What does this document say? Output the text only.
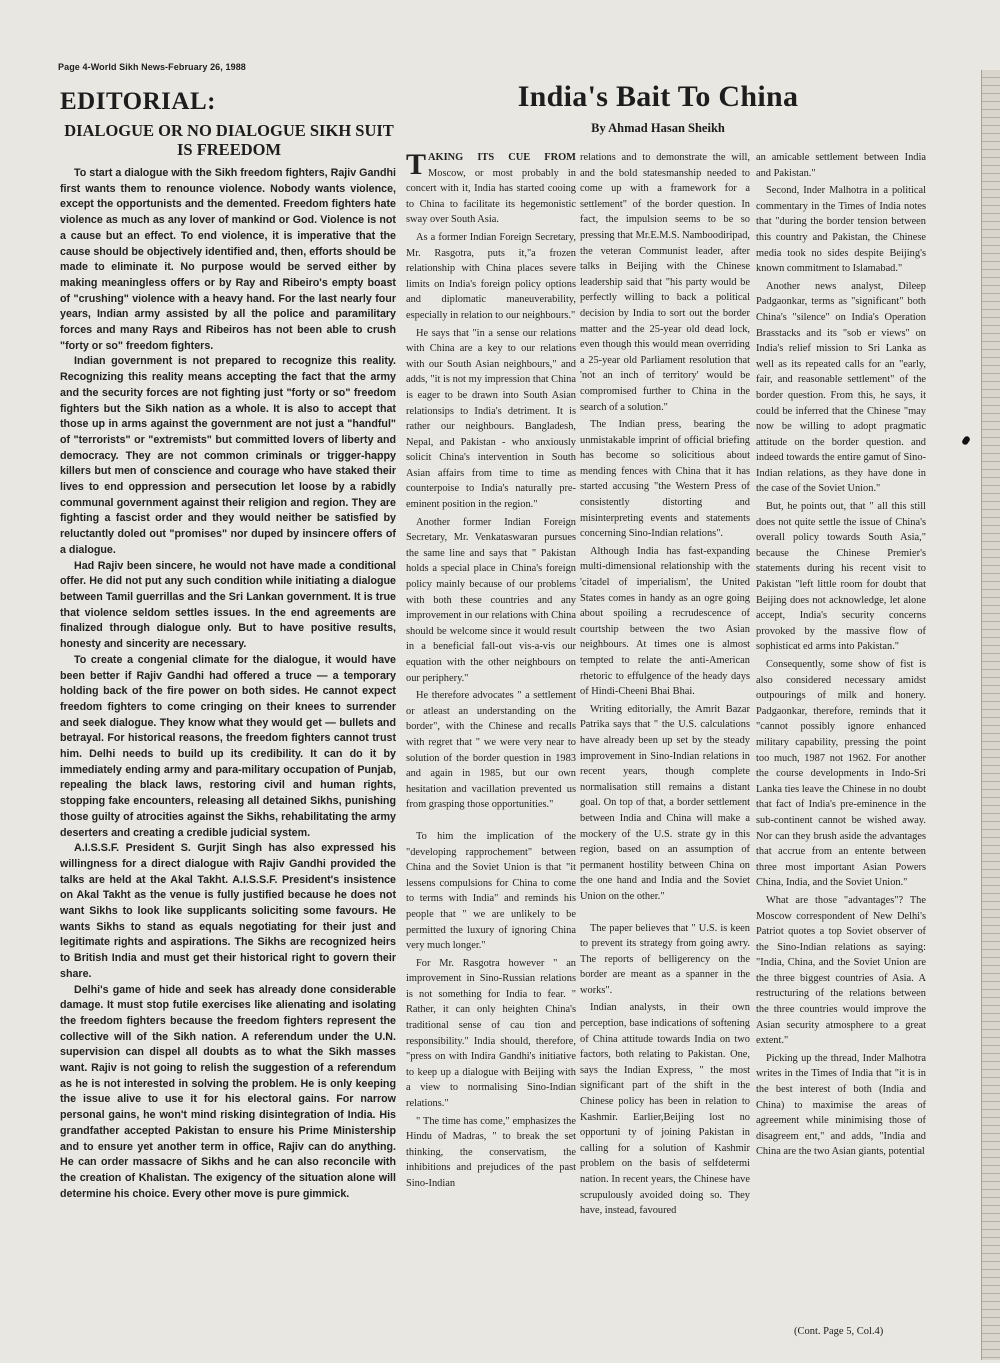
Page 4-World Sikh News-February 26, 1988
EDITORIAL:
DIALOGUE OR NO DIALOGUE SIKH SUIT IS FREEDOM

To start a dialogue with the Sikh freedom fighters, Rajiv Gandhi first wants them to renounce violence. Nobody wants violence, except the opportunists and the demented. Freedom fighters hate violence as much as any lover of mankind or God. Violence is not a cause but an effect. To end violence, it is imperative that the cause should be objectively identified and, then, efforts should be made to eliminate it. No purpose would be served either by making meaningless offers or by Ray and Ribeiro's empty boast of "crushing" violence with a heavy hand. For the last nearly four years, Indian army assisted by all the police and paramilitary forces and many Rays and Ribeiros has not been able to crush "forty or so" freedom fighters.

Indian government is not prepared to recognize this reality. Recognizing this reality means accepting the fact that the army and the security forces are not fighting just "forty or so" freedom fighters but the Sikh nation as a whole. It is also to accept that those up in arms against the government are not just a "handful" of "terrorists" or "extremists" but committed lovers of liberty and democracy. They are not common criminals or trigger-happy killers but men of conscience and courage who have staked their lives to end oppression and persecution let loose by a rabidly communal government against their religion and region. They are fighting a fascist order and they would neither be satisfied by reluctantly doled out "promises" nor duped by insincere offers of a dialogue.

Had Rajiv been sincere, he would not have made a conditional offer. He did not put any such condition while initiating a dialogue between Tamil guerrillas and the Sri Lankan government. It is true that violence seldom settles issues. In the end agreements are finalized through dialogue only. But to have positive results, honesty and sincerity are necessary.

To create a congenial climate for the dialogue, it would have been better if Rajiv Gandhi had offered a truce — a temporary holding back of the fire power on both sides. He cannot expect freedom fighters to come cringing on their knees to surrender and seek dialogue. They know what they would get — bullets and betrayal. For historical reasons, the freedom fighters cannot trust him. Delhi needs to build up its credibility. It can do it by immediately ending army and para-military occupation of Punjab, repealing the black laws, restoring civil and human rights, stopping fake encounters, releasing all detained Sikhs, punishing those guilty of atrocities against the Sikhs, rehabilitating the army deserters and creating a credible judicial system.

A.I.S.S.F. President S. Gurjit Singh has also expressed his willingness for a direct dialogue with Rajiv Gandhi provided the talks are held at the Akal Takht. A.I.S.S.F. President's insistence on Akal Takht as the venue is fully justified because he does not want Sikhs to look like supplicants soliciting some favours. He wants Sikhs to stand as equals negotiating for their just and legitimate rights and aspirations. The Sikhs are recognized heirs to British India and must get their historical right to govern their share.

Delhi's game of hide and seek has already done considerable damage. It must stop futile exercises like alienating and isolating the freedom fighters because the freedom fighters represent the collective will of the Sikh nation. A referendum under the U.N. supervision can dispel all doubts as to what the Sikh masses want. Rajiv is not going to relish the suggestion of a referendum as he is not interested in solving the problem. He is only keeping the issue alive to use it for his electoral gains. For narrow personal gains, he won't mind risking disintegration of India. His grandfather accepted Pakistan to ensure his Prime Ministership and to ensure yet another term in office, Rajiv can do anything. He can order massacre of Sikhs and he can also reconcile with the creation of Khalistan. The exigency of the situation alone will determine his choice. Every other move is pure gimmick.

India's Bait To China
By Ahmad Hasan Sheikh

TAKING ITS CUE FROM Moscow, or most probably in concert with it, India has started cooing to China to facilitate its hegemonistic sway over South Asia.

As a former Indian Foreign Secretary, Mr. Rasgotra, puts it,"a frozen relationship with China places severe limits on India's foreign policy options and diplomatic maneuverability, especially in relation to our neighbours."

He says that "in a sense our relations with China are a key to our relations with our South Asian neighbours," and adds, "it is not my impression that China is eager to be drawn into South Asian relationsips to India's detriment. It is rather our neighbours. Bangladesh, Nepal, and Pakistan - who anxiously solicit China's intervention in South Asian affairs from time to time as counterpoise to India's naturally pre-eminent position in the region."

Another former Indian Foreign Secretary, Mr. Venkataswaran pursues the same line and says that " Pakistan holds a special place in China's foreign policy mainly because of our problems with both these countries and any improvement in our relations with China should be welcome since it would result in a beneficial fall-out vis-a-vis our equation with the other neighbours on our periphery."

He therefore advocates " a settlement or atleast an understanding on the border", with the Chinese and recalls with regret that " we were very near to solution of the border question in 1983 and again in 1985, but our own hesitation and vacillation prevented us from grasping those opportunities."

To him the implication of the "developing rapprochement" between China and the Soviet Union is that "it lessens compulsions for China to come to terms with India" and reminds his people that " we are unlikely to be permitted the luxury of ignoring China very much longer."

For Mr. Rasgotra however " an improvement in Sino-Russian relations is not something for India to fear. " Rather, it can only heighten China's traditional sense of cau tion and responsibility." India should, therefore, "press on with Indira Gandhi's initiative to keep up a dialogue with Beijing with a view to normalising Sino-Indian relations."

" The time has come," emphasizes the Hindu of Madras, " to break the set thinking, the conservatism, the inhibitions and prejudices of the past Sino-Indian

relations and to demonstrate the will, and the bold statesmanship needed to come up with a framework for a settlement" of the border question. In fact, the impulsion seems to be so pressing that Mr.E.M.S. Namboodiripad, the veteran Communist leader, after talks in Beijing with the Chinese leadership said that "his party would be perfectly willing to back a political decision by India to sort out the border matter and the 25-year old dead lock, even though this would mean overriding a 25-year old Parliament resolution that 'not an inch of territory' would be compromised further to China in the search of a solution."

The Indian press, bearing the unmistakable imprint of official briefing has become so solicitious about mending fences with China that it has started accusing "the Western Press of consistently distorting and misinterpreting events and statements concerning Sino-Indian relations".

Although India has fast-expanding multi-dimensional relationship with the 'citadel of imperialism', the United States comes in handy as an ogre going about spoiling a recrudescence of courtship between the two Asian neighbours. At times one is almost tempted to relate the anti-American rhetoric to effulgence of the heady days of Hindi-Cheeni Bhai Bhai.

Writing editorially, the Amrit Bazar Patrika says that " the U.S. calculations have already been up set by the steady improvement in Sino-Indian relations in recent years, though complete normalisation still remains a distant goal. On top of that, a border settlement between India and China will make a mockery of the U.S. strate gy in this region, based on an assumption of permanent hostility between China on the one hand and India and the Soviet Union on the other."

The paper believes that " U.S. is keen to prevent its strategy from going awry. The reports of belligerency on the border are meant as a spanner in the works".

Indian analysts, in their own perception, base indications of softening of China attitude towards India on two factors, both relating to Pakistan. One, says the Indian Express, " the most significant part of the shift in the Chinese policy has been in relation to Kashmir. Earlier,Beijing lost no opportuni ty of joining Pakistan in calling for a solution of Kashmir problem on the basis of selfdetermi nation. In recent years, the Chinese have scrupulously avoided doing so. They have, instead, favoured

an amicable settlement between India and Pakistan."

Second, Inder Malhotra in a political commentary in the Times of India notes that "during the border tension between this country and Pakistan, the Chinese media took no sides despite Beijing's known commitment to Islamabad."

Another news analyst, Dileep Padgaonkar, terms as "significant" both China's "silence" on India's Operation Brasstacks and its "sob er views" on India's relief mission to Sri Lanka as well as its repeated calls for an "early, fair, and reasonable settlement" of the border question. From this, he says, it could be inferred that the Chinese "may now be willing to adopt pragmatic attitude on the border question. and indeed towards the entire gamut of Sino-Indian relations, as they have done in the case of the Soviet Union."

But, he points out, that " all this still does not quite settle the issue of China's overall policy towards South Asia," because the Chinese Premier's statements during his recent visit to Pakistan "left little room for doubt that Beijing does not acknowledge, let alone accept, India's security concerns provoked by the massive flow of sophisticat ed arms into Pakistan."

Consequently, some show of fist is also considered necessary amidst outpourings of milk and honery. Padgaonkar, therefore, reminds that it "cannot possibly ignore enhanced military capability, pressing the point too much, 1987 not 1962. For another the course developments in Indo-Sri Lanka ties leave the Chinese in no doubt that fact of India's pre-eminence in the sub-continent cannot be wished away. Nor can they brush aside the advantages that accrue from an entente between three most important Asian Powers China, India, and the Soviet Union."

What are those "advantages"? The Moscow correspondent of New Delhi's Patriot quotes a top Soviet observer of the Sino-Indian relations as saying: "India, China, and the Soviet Union are the three biggest countries of Asia. A restructuring of the relations between the three countries would improve the Asian security atmosphere to a great extent."

Picking up the thread, Inder Malhotra writes in the Times of India that "it is in the best interest of both (India and China) to maximise the areas of agreement while minimising those of disagreem ent," and adds, "India and China are the two Asian giants, potential

(Cont. Page 5, Col.4)
